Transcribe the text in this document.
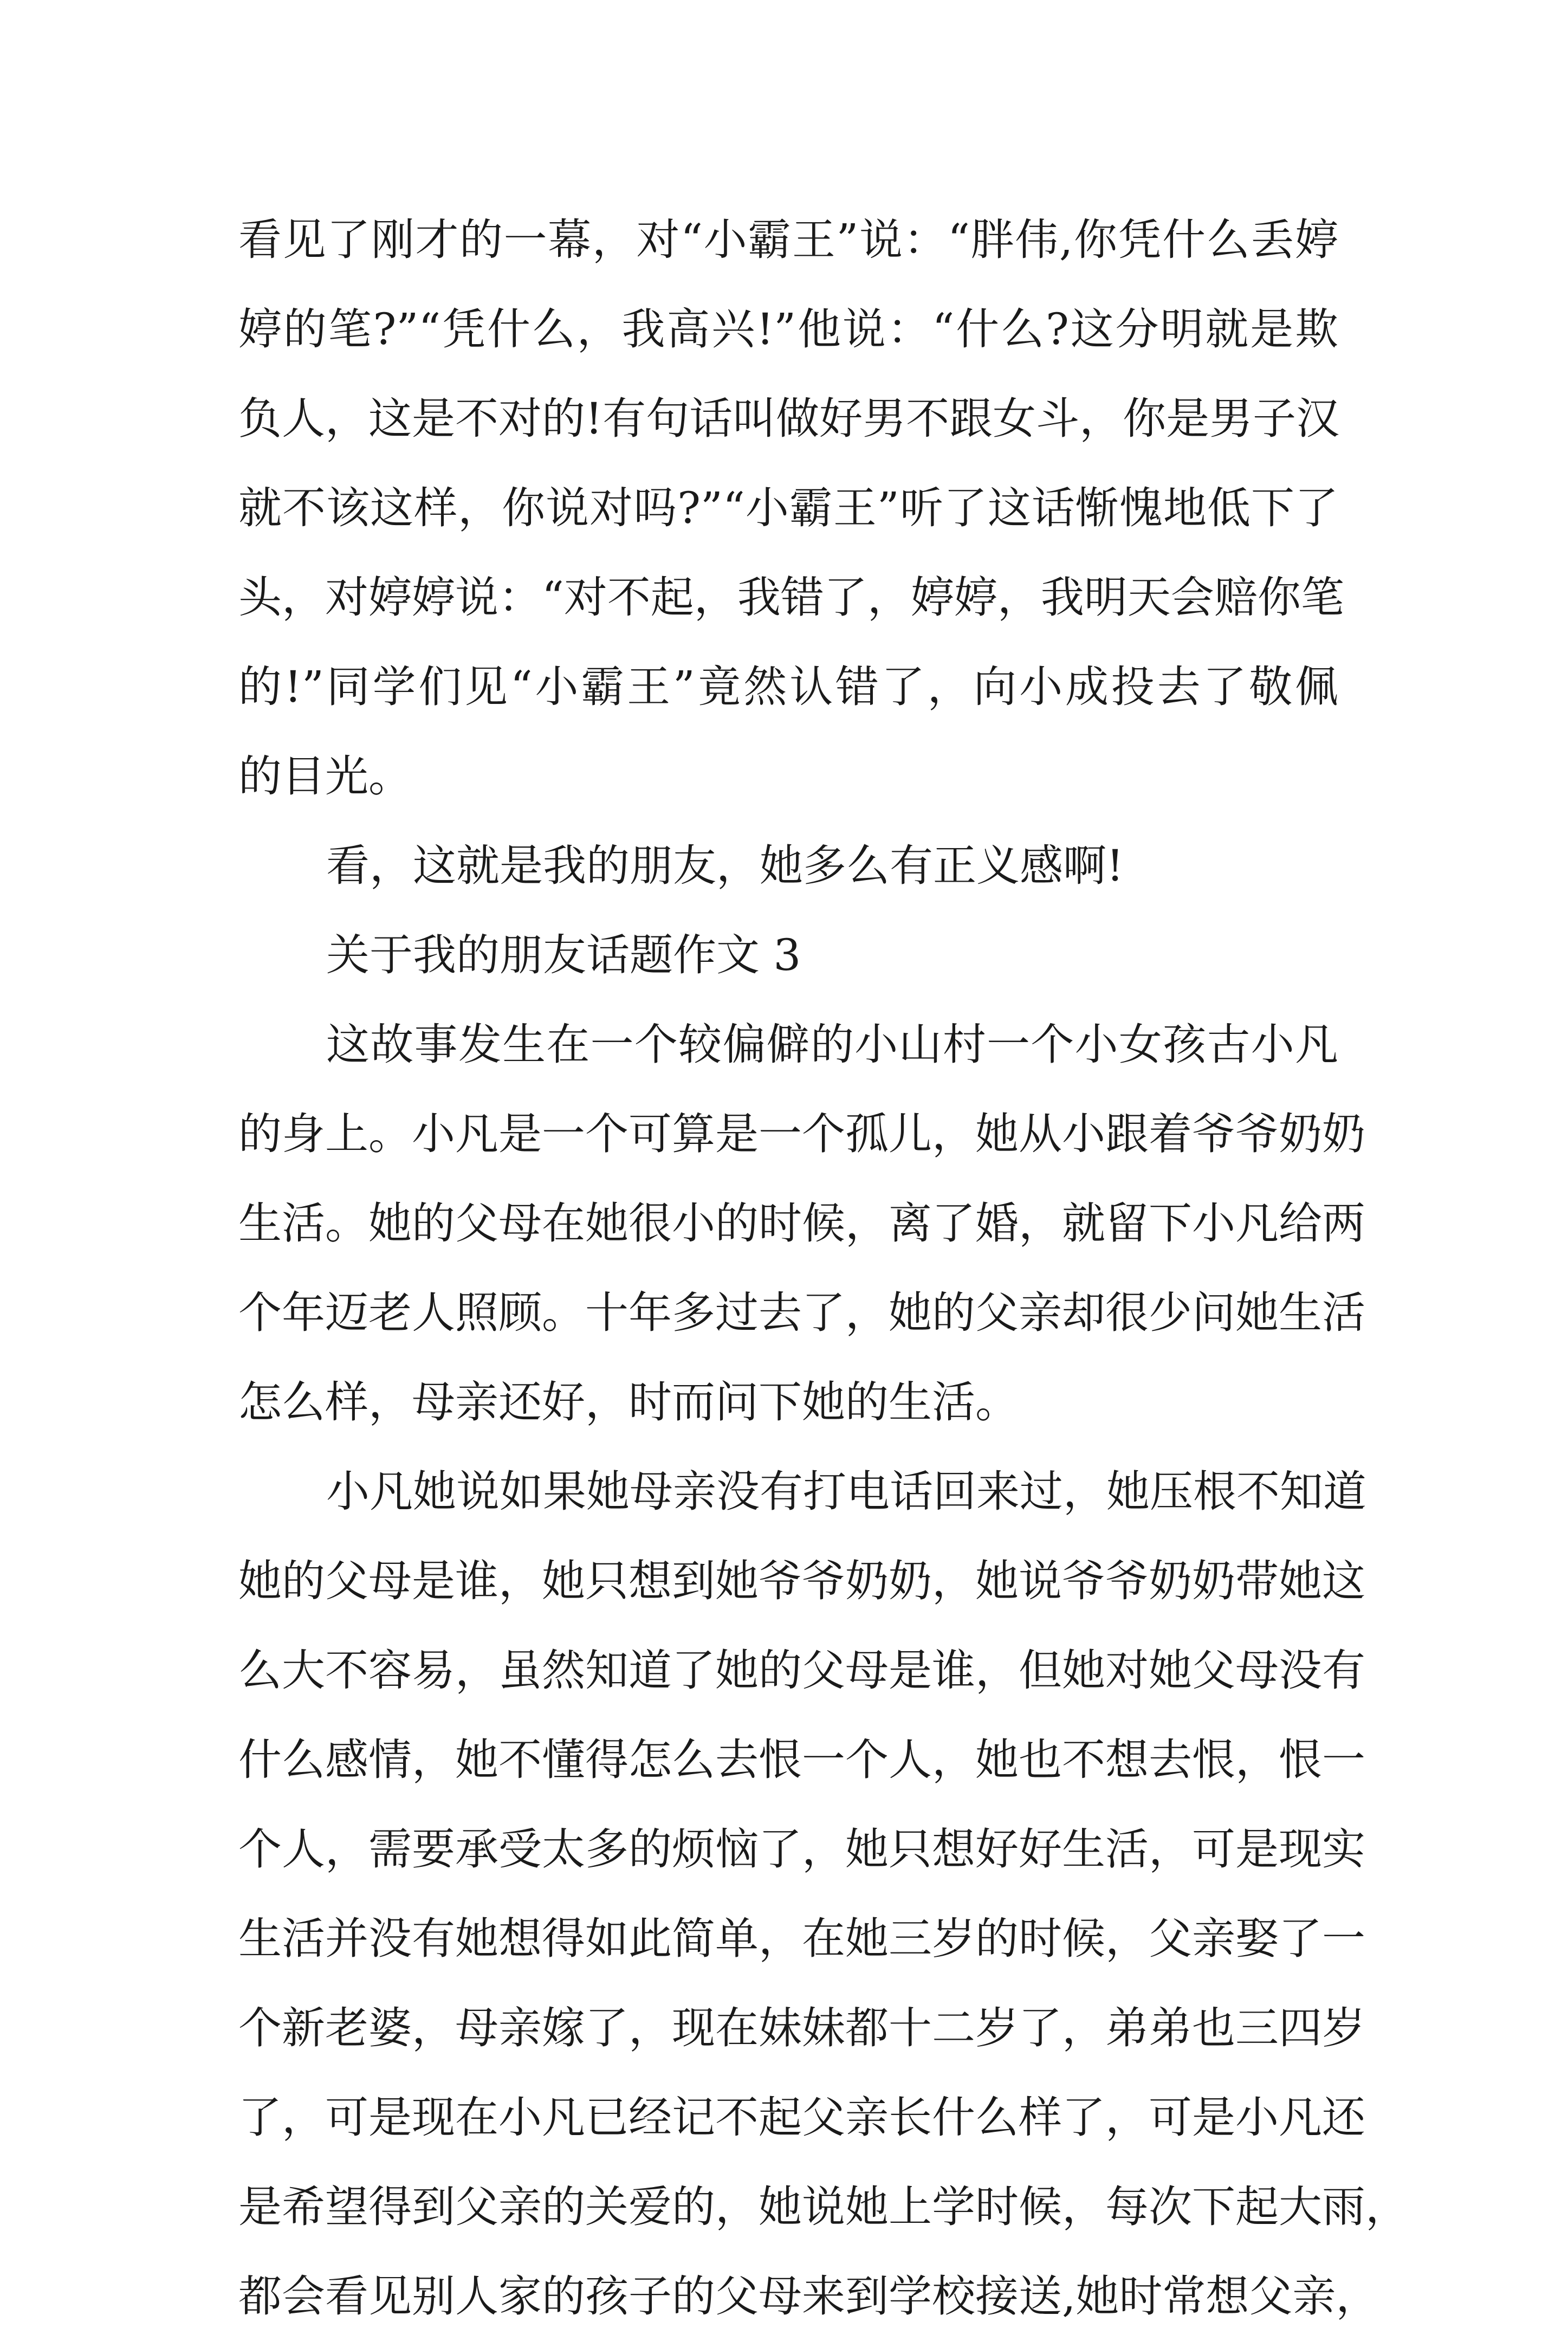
看见了刚才的一幕，对“小霸王”说：“胖伟,你凭什么丢婷
婷的笔?”“凭什么，我高兴!”他说：“什么?这分明就是欺
负人，这是不对的!有句话叫做好男不跟女斗，你是男子汉
就不该这样，你说对吗?”“小霸王”听了这话惭愧地低下了
头，对婷婷说：“对不起，我错了，婷婷，我明天会赔你笔
的!”同学们见“小霸王”竟然认错了，向小成投去了敬佩
的目光。
看，这就是我的朋友，她多么有正义感啊!
关于我的朋友话题作文 3
这故事发生在一个较偏僻的小山村一个小女孩古小凡
的身上。小凡是一个可算是一个孤儿，她从小跟着爷爷奶奶
生活。她的父母在她很小的时候，离了婚，就留下小凡给两
个年迈老人照顾。十年多过去了，她的父亲却很少问她生活
怎么样，母亲还好，时而问下她的生活。
小凡她说如果她母亲没有打电话回来过，她压根不知道
她的父母是谁，她只想到她爷爷奶奶，她说爷爷奶奶带她这
么大不容易，虽然知道了她的父母是谁，但她对她父母没有
什么感情，她不懂得怎么去恨一个人，她也不想去恨，恨一
个人，需要承受太多的烦恼了，她只想好好生活，可是现实
生活并没有她想得如此简单，在她三岁的时候，父亲娶了一
个新老婆，母亲嫁了，现在妹妹都十二岁了，弟弟也三四岁
了，可是现在小凡已经记不起父亲长什么样了，可是小凡还
是希望得到父亲的关爱的，她说她上学时候，每次下起大雨，
都会看见别人家的孩子的父母来到学校接送,她时常想父亲，
